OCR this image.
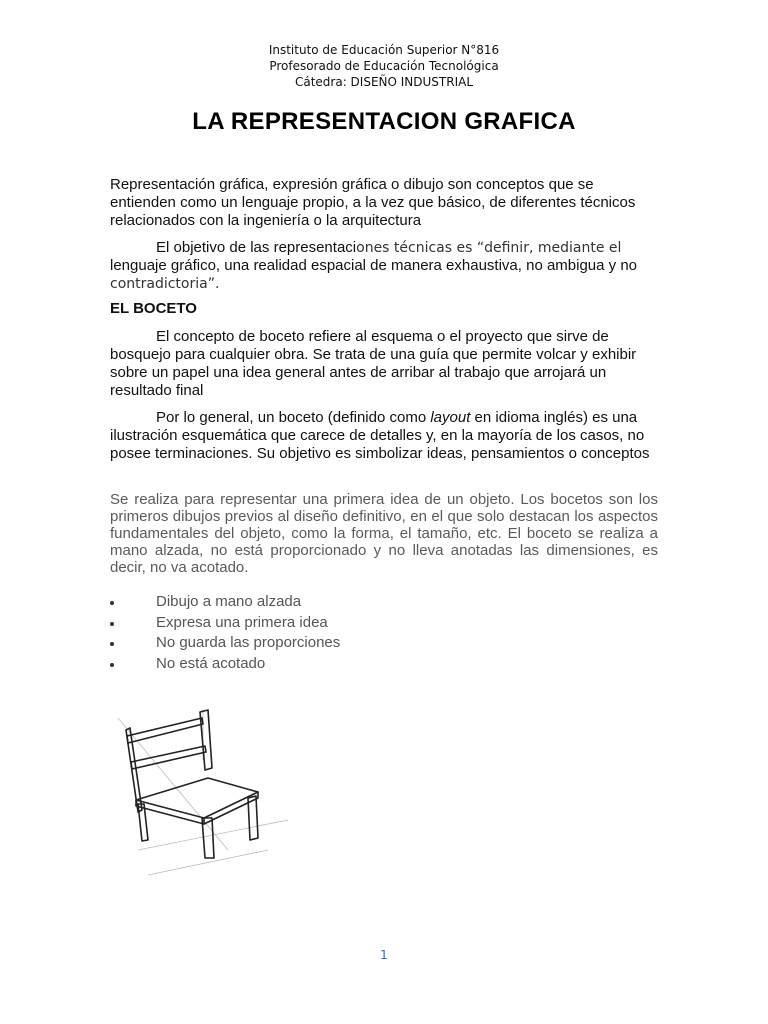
Instituto de Educación Superior N°816
Profesorado de Educación Tecnológica
Cátedra: DISEÑO INDUSTRIAL
LA REPRESENTACION GRAFICA
Representación gráfica, expresión gráfica o dibujo son conceptos que se entienden como un lenguaje propio, a la vez que básico, de diferentes técnicos relacionados con la ingeniería o la arquitectura
El objetivo de las representaciones técnicas es “definir, mediante el lenguaje gráfico, una realidad espacial de manera exhaustiva, no ambigua y no contradictoria”.
EL BOCETO
El concepto de boceto refiere al esquema o el proyecto que sirve de bosquejo para cualquier obra. Se trata de una guía que permite volcar y exhibir sobre un papel una idea general antes de arribar al trabajo que arrojará un resultado final
Por lo general, un boceto (definido como layout en idioma inglés) es una ilustración esquemática que carece de detalles y, en la mayoría de los casos, no posee terminaciones. Su objetivo es simbolizar ideas, pensamientos o conceptos
Se realiza para representar una primera idea de un objeto. Los bocetos son los primeros dibujos previos al diseño definitivo, en el que solo destacan los aspectos fundamentales del objeto, como la forma, el tamaño, etc. El boceto se realiza a mano alzada, no está proporcionado y no lleva anotadas las dimensiones, es decir, no va acotado.
Dibujo a mano alzada
Expresa una primera idea
No guarda las proporciones
No está acotado
1
